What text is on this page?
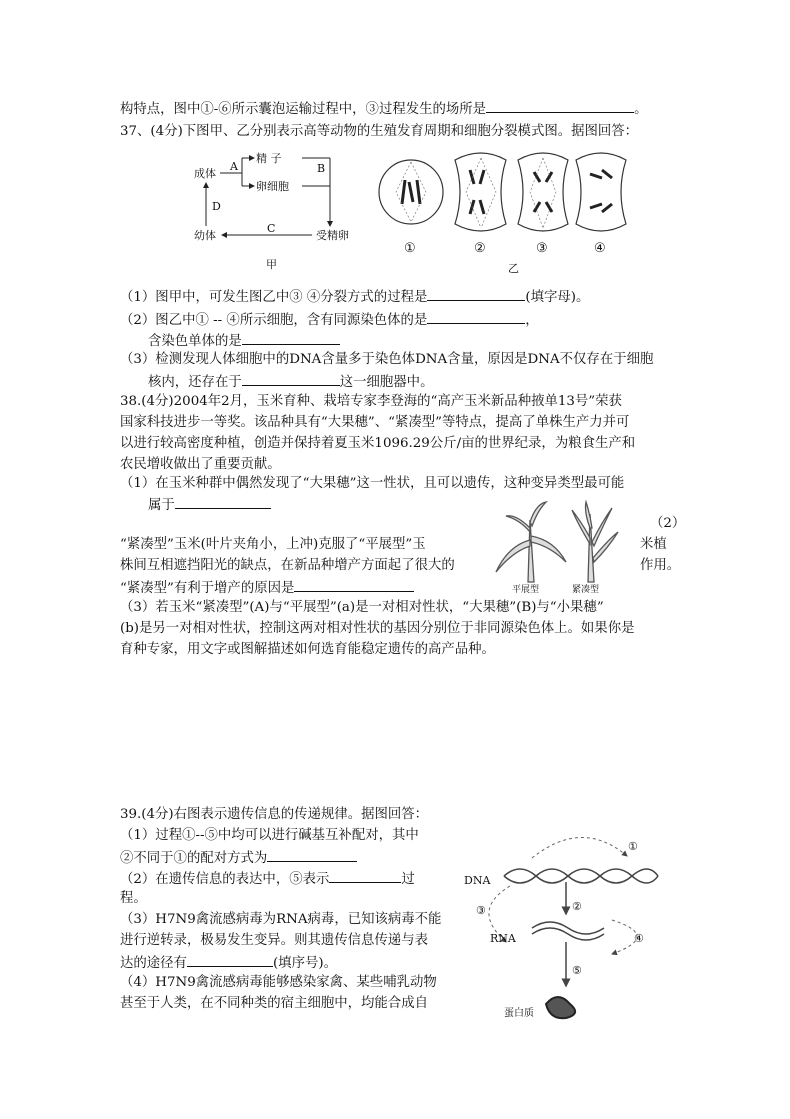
构特点，图中①-⑥所示囊泡运输过程中，③过程发生的场所是	。
37、(4分)下图甲、乙分别表示高等动物的生殖发育周期和细胞分裂模式图。据图回答：
成体
精 子
卵细胞
受精卵
幼体
A	B
C
D
甲
①	②	③	④
乙
（1）图甲中，可发生图乙中③ ④分裂方式的过程是	(填字母)。
（2）图乙中① -- ④所示细胞，含有同源染色体的是	，
含染色单体的是
（3）检测发现人体细胞中的DNA含量多于染色体DNA含量，原因是DNA不仅存在于细胞
核内，还存在于	这一细胞器中。
38.(4分)2004年2月，玉米育种、栽培专家李登海的“高产玉米新品种掖单13号”荣获
国家科技进步一等奖。该品种具有“大果穗”、“紧凑型”等特点，提高了单株生产力并可
以进行较高密度种植，创造并保持着夏玉米1096.29公斤/亩的世界纪录，为粮食生产和
农民增收做出了重要贡献。
（1）在玉米种群中偶然发现了“大果穗”这一性状，且可以遗传，这种变异类型最可能
属于
平展型	紧凑型
（2）
“紧凑型”玉米(叶片夹角小，上冲)克服了“平展型”玉	米植
株间互相遮挡阳光的缺点，在新品种增产方面起了很大的	作用。
“紧凑型”有利于增产的原因是
（3）若玉米“紧凑型”(A)与“平展型”(a)是一对相对性状，“大果穗”(B)与“小果穗”
(b)是另一对相对性状，控制这两对相对性状的基因分别位于非同源染色体上。如果你是
育种专家，用文字或图解描述如何选育能稳定遗传的高产品种。
39.(4分)右图表示遗传信息的传递规律。据图回答：
（1）过程①--⑤中均可以进行碱基互补配对，其中
②不同于①的配对方式为
（2）在遗传信息的表达中，⑤表示	过
程。
（3）H7N9禽流感病毒为RNA病毒，已知该病毒不能
进行逆转录，极易发生变异。则其遗传信息传递与表
达的途径有	(填序号)。
（4）H7N9禽流感病毒能够感染家禽、某些哺乳动物
甚至于人类，在不同种类的宿主细胞中，均能合成自
DNA
RNA
蛋白质
①
②
③
④
⑤
